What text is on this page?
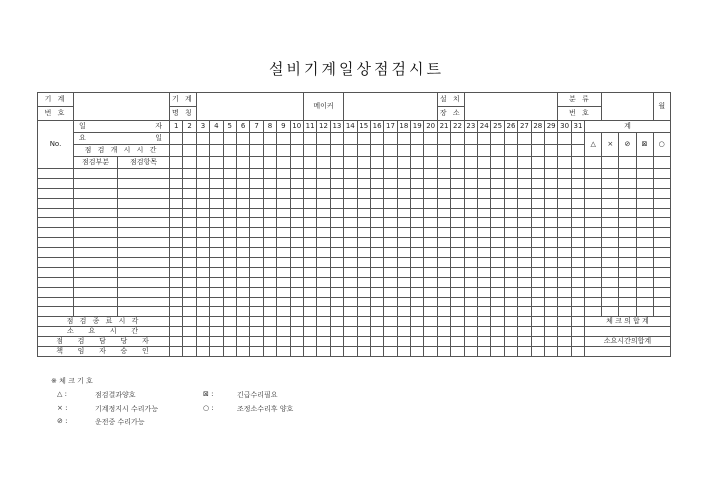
설비기계일상점검시트
기 계			기 계										메이커										설 치									분 류						월
번 호			명 칭																				장 소									번 호						
No.	일                자		1	2	3	4	5	6	7	8	9	10	11	12	13	14	15	16	17	18	19	20	21	22	23	24	25	26	27	28	29	30	31	계				
	요                일																																	△	×	⊘	⊠	○
	점 검 개 시 시 간																																					
	점검부분	점검항목																																				

점 검 종 료 시 각																																		체 크 의 합 계				
소   요   시   간																																						
점   검   담   당   자																																		소요시간의합계				
책   임   자   승   인																																						
※ 체 크 기 호
△ :	점검결과양호
× :	기계정지시 수리가능
⊘ :	운전중 수리가능
⊠ :	긴급수리필요
○ :	조정소수리후 양호
